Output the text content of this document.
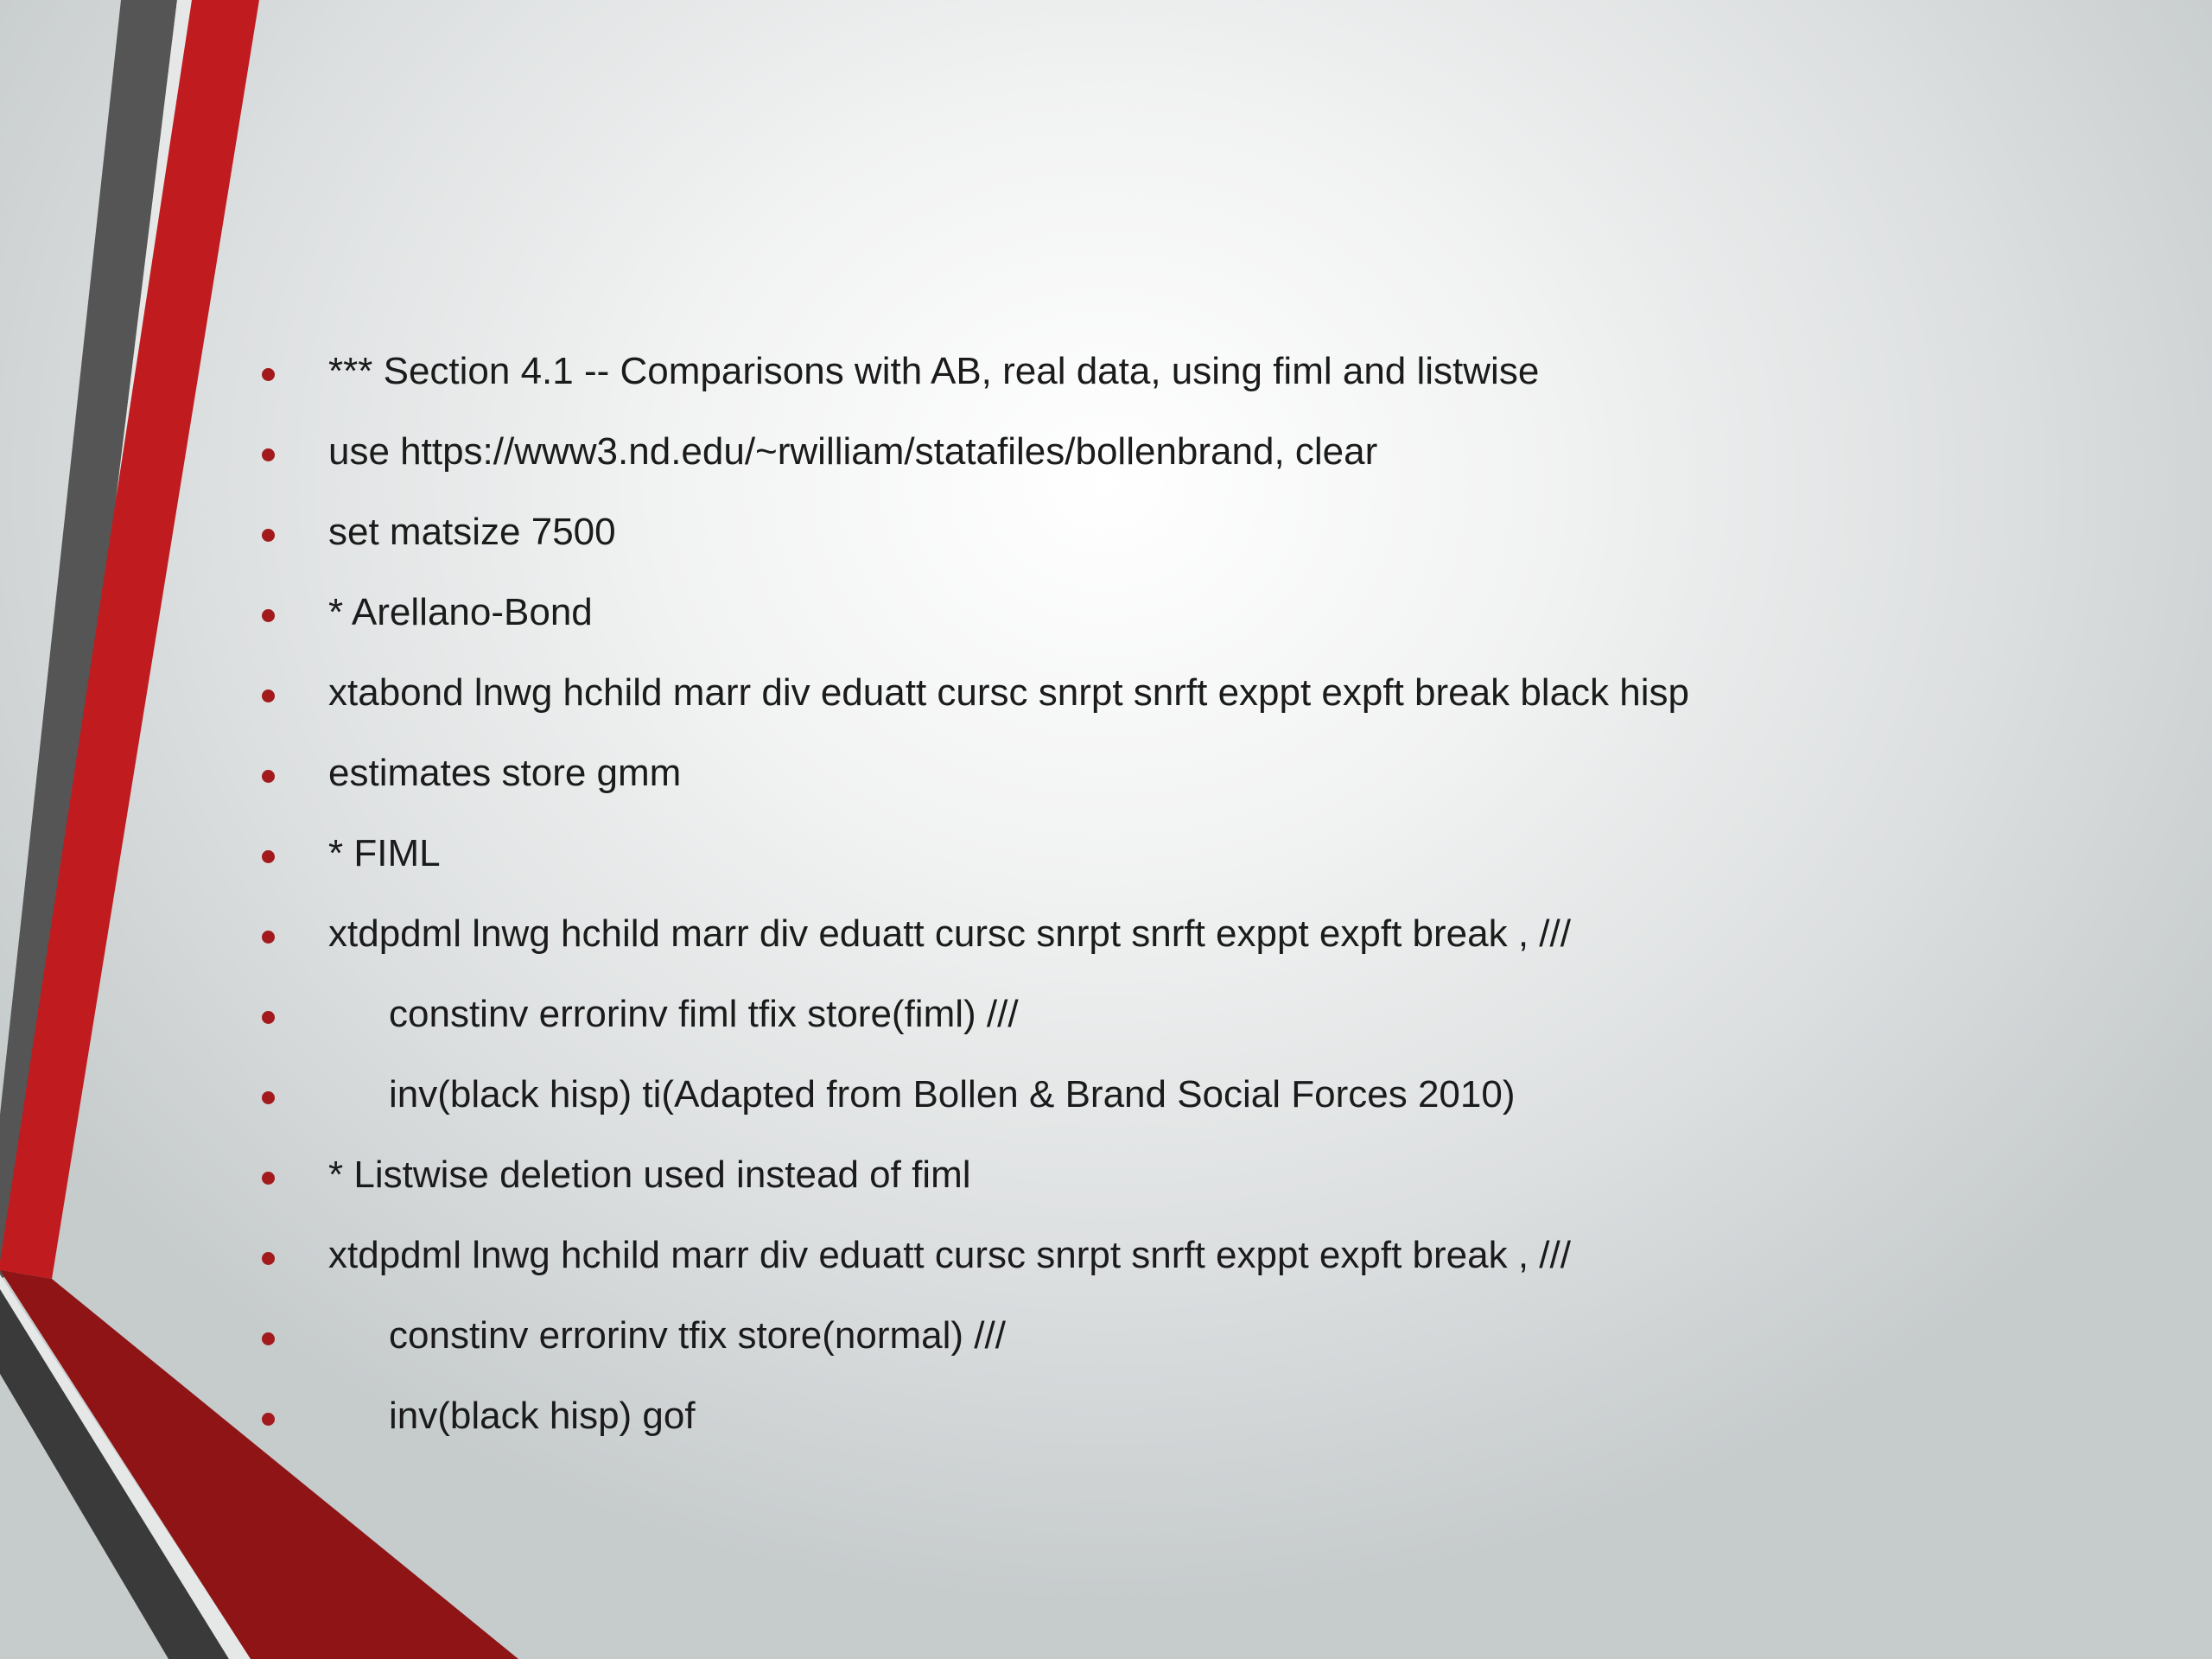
*** Section 4.1 -- Comparisons with AB, real data, using fiml and listwise
use https://www3.nd.edu/~rwilliam/statafiles/bollenbrand, clear
set matsize 7500
* Arellano-Bond
xtabond lnwg hchild marr div eduatt cursc snrpt snrft exppt expft break black hisp
estimates store gmm
* FIML
xtdpdml lnwg hchild marr div eduatt cursc snrpt snrft exppt expft break , ///
constinv errorinv fiml tfix store(fiml) ///
inv(black hisp) ti(Adapted from Bollen & Brand Social Forces 2010)
* Listwise deletion used instead of fiml
xtdpdml lnwg hchild marr div eduatt cursc snrpt snrft exppt expft break , ///
constinv errorinv tfix store(normal) ///
inv(black hisp) gof
